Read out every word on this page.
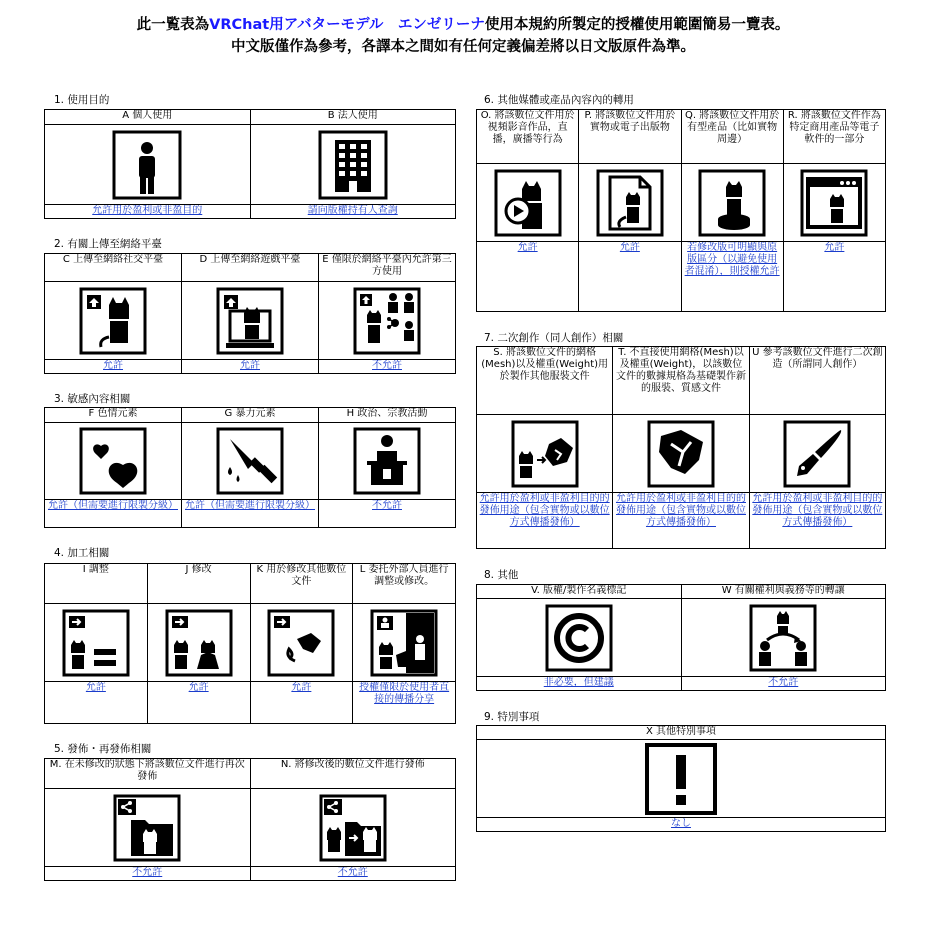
此一覧表為VRChat用アバターモデル　エンゼリーナ使用本規約所製定的授權使用範圍簡易一覽表。
中文版僅作為參考，各譯本之間如有任何定義偏差將以日文版原件為準。
1. 使用目的
A 個人使用	B 法人使用

允許用於盈利或非盈目的	請向版權持有人查詢
2. 有關上傳至網絡平臺
C 上傳至網絡社交平臺	D 上傳至網絡遊戲平臺	E 僅限於網絡平臺內允許第三方使用

允許	允許	不允許
3. 敏感內容相關
F 色情元素	G 暴力元素	H 政治、宗教活動

允許（但需要進行限製分級）	允許（但需要進行限製分級）	不允許
4. 加工相關
I 調整	J 修改	K 用於修改其他數位文件	L 委托外部人員進行調整或修改。

允許	允許	允許	授權僅限於使用者直接的傳播分享
5. 發佈・再發佈相關
M. 在未修改的狀態下將該數位文件進行再次發佈	N. 將修改後的數位文件進行發佈

不允許	不允許
6. 其他媒體或產品內容內的轉用
O. 將該數位文件用於視頻影音作品，直播，廣播等行為	P. 將該數位文件用於實物或電子出版物	Q. 將該數位文件用於有型產品（比如實物周邊）	R. 將該數位文件作為特定商用產品等電子軟件的一部分

允許	允許	若修改版可明顯與原版區分（以避免使用者混淆），則授權允許	允許
7. 二次創作（同人創作）相關
S. 將該數位文件的網格(Mesh)以及權重(Weight)用於製作其他服裝文件	T. 不直接使用網格(Mesh)以及權重(Weight)，以該數位文件的數據規格為基礎製作新的服裝、質感文件	U 參考該數位文件進行二次創造（所謂同人創作）

允許用於盈利或非盈利目的的發佈用途（包含實物或以數位方式傳播發佈）	允許用於盈利或非盈利目的的發佈用途（包含實物或以數位方式傳播發佈）	允許用於盈利或非盈利目的的發佈用途（包含實物或以數位方式傳播發佈）
8. 其他
V. 版權/製作名義標記	W 有關權利與義務等的轉讓

非必要，但建議	不允許
9. 特別事項
X 其他特別事項

なし
